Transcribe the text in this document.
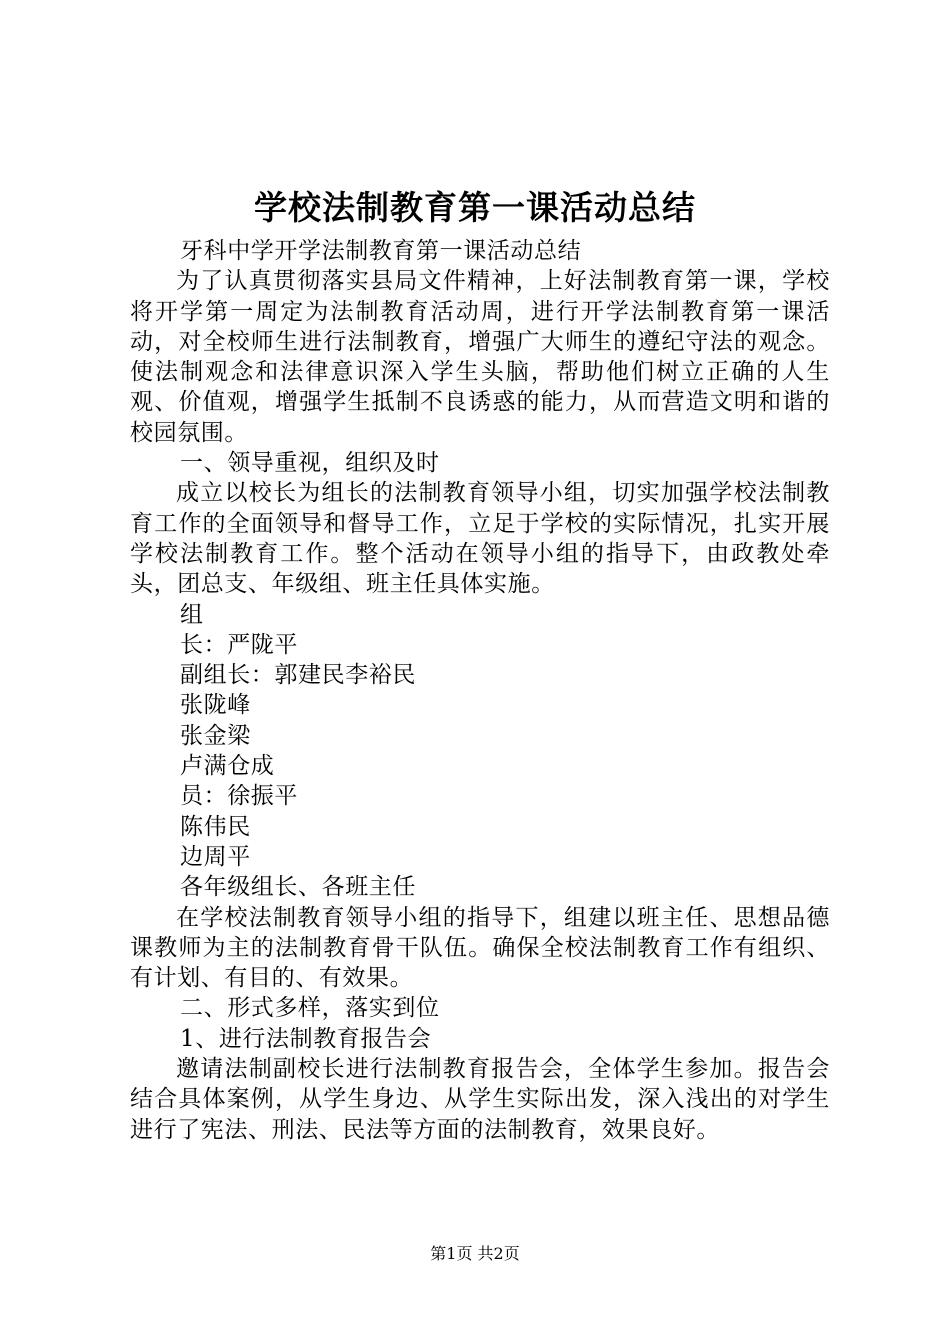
学校法制教育第一课活动总结

牙科中学开学法制教育第一课活动总结

为了认真贯彻落实县局文件精神，上好法制教育第一课，学校将开学第一周定为法制教育活动周，进行开学法制教育第一课活动，对全校师生进行法制教育，增强广大师生的遵纪守法的观念。使法制观念和法律意识深入学生头脑，帮助他们树立正确的人生观、价值观，增强学生抵制不良诱惑的能力，从而营造文明和谐的校园氛围。

一、领导重视，组织及时

成立以校长为组长的法制教育领导小组，切实加强学校法制教育工作的全面领导和督导工作，立足于学校的实际情况，扎实开展学校法制教育工作。整个活动在领导小组的指导下，由政教处牵头，团总支、年级组、班主任具体实施。

组

长：严陇平

副组长：郭建民李裕民

张陇峰

张金梁

卢满仓成

员：徐振平

陈伟民

边周平

各年级组长、各班主任

在学校法制教育领导小组的指导下，组建以班主任、思想品德课教师为主的法制教育骨干队伍。确保全校法制教育工作有组织、有计划、有目的、有效果。

二、形式多样，落实到位

1、进行法制教育报告会

邀请法制副校长进行法制教育报告会，全体学生参加。报告会结合具体案例，从学生身边、从学生实际出发，深入浅出的对学生进行了宪法、刑法、民法等方面的法制教育，效果良好。

第1页 共2页
